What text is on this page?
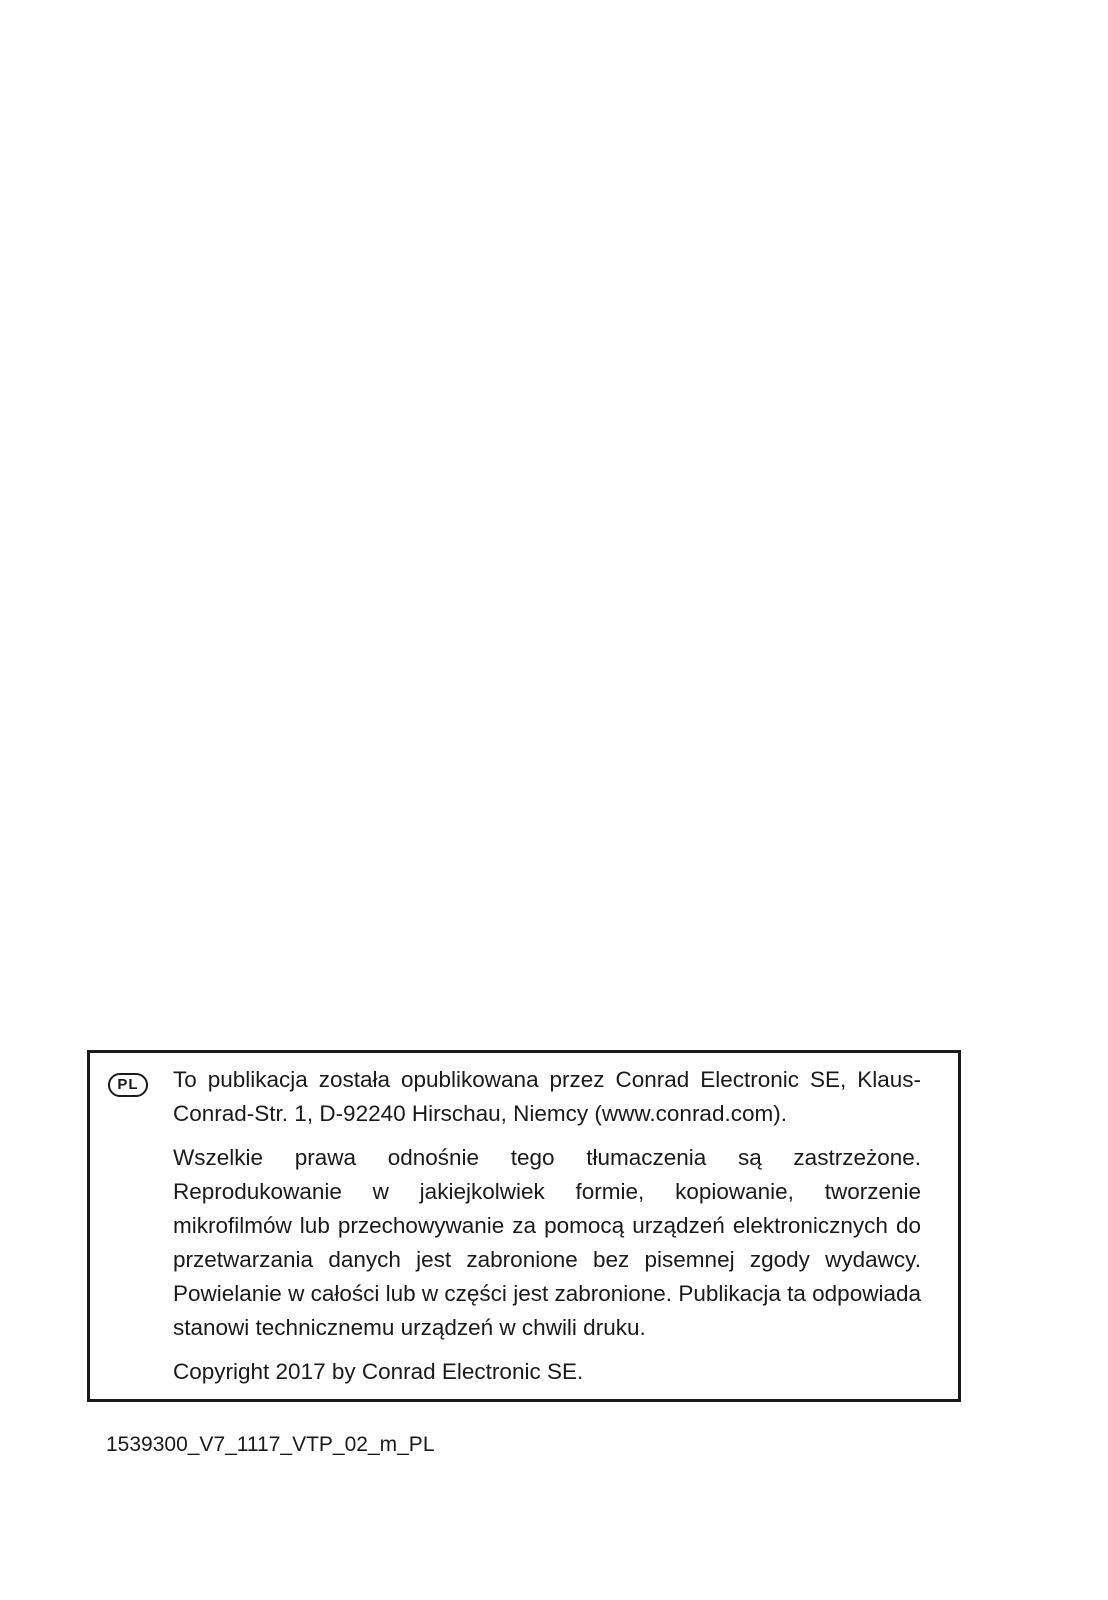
PL	To publikacja została opublikowana przez Conrad Electronic SE, Klaus-Conrad-Str. 1, D-92240 Hirschau, Niemcy (www.conrad.com).

Wszelkie prawa odnośnie tego tłumaczenia są zastrzeżone. Reprodukowanie w jakiejkolwiek formie, kopiowanie, tworzenie mikrofilmów lub przechowywanie za pomocą urządzeń elektronicznych do przetwarzania danych jest zabronione bez pisemnej zgody wydawcy. Powielanie w całości lub w części jest zabronione. Publikacja ta odpowiada stanowi technicznemu urządzeń w chwili druku.

Copyright 2017 by Conrad Electronic SE.

1539300_V7_1117_VTP_02_m_PL
